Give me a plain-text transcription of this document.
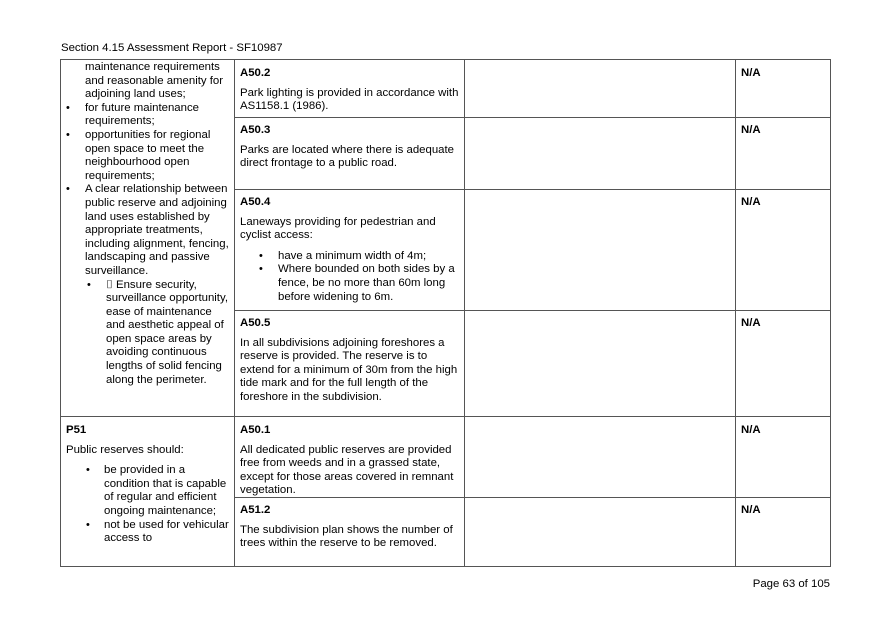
Section 4.15 Assessment Report - SF10987
maintenance requirements and reasonable amenity for adjoining land uses;
• for future maintenance requirements;
• opportunities for regional open space to meet the neighbourhood open requirements;
• A clear relationship between public reserve and adjoining land uses established by appropriate treatments, including alignment, fencing, landscaping and passive surveillance.
• ⌷ Ensure security, surveillance opportunity, ease of maintenance and aesthetic appeal of open space areas by avoiding continuous lengths of solid fencing along the perimeter.
A50.2
Park lighting is provided in accordance with AS1158.1 (1986).
N/A
A50.3
Parks are located where there is adequate direct frontage to a public road.
N/A
A50.4
Laneways providing for pedestrian and cyclist access:
• have a minimum width of 4m;
• Where bounded on both sides by a fence, be no more than 60m long before widening to 6m.
N/A
A50.5
In all subdivisions adjoining foreshores a reserve is provided. The reserve is to extend for a minimum of 30m from the high tide mark and for the full length of the foreshore in the subdivision.
N/A
P51
Public reserves should:
• be provided in a condition that is capable of regular and efficient ongoing maintenance;
• not be used for vehicular access to
A50.1
All dedicated public reserves are provided free from weeds and in a grassed state, except for those areas covered in remnant vegetation.
N/A
A51.2
The subdivision plan shows the number of trees within the reserve to be removed.
N/A
Page 63 of 105
